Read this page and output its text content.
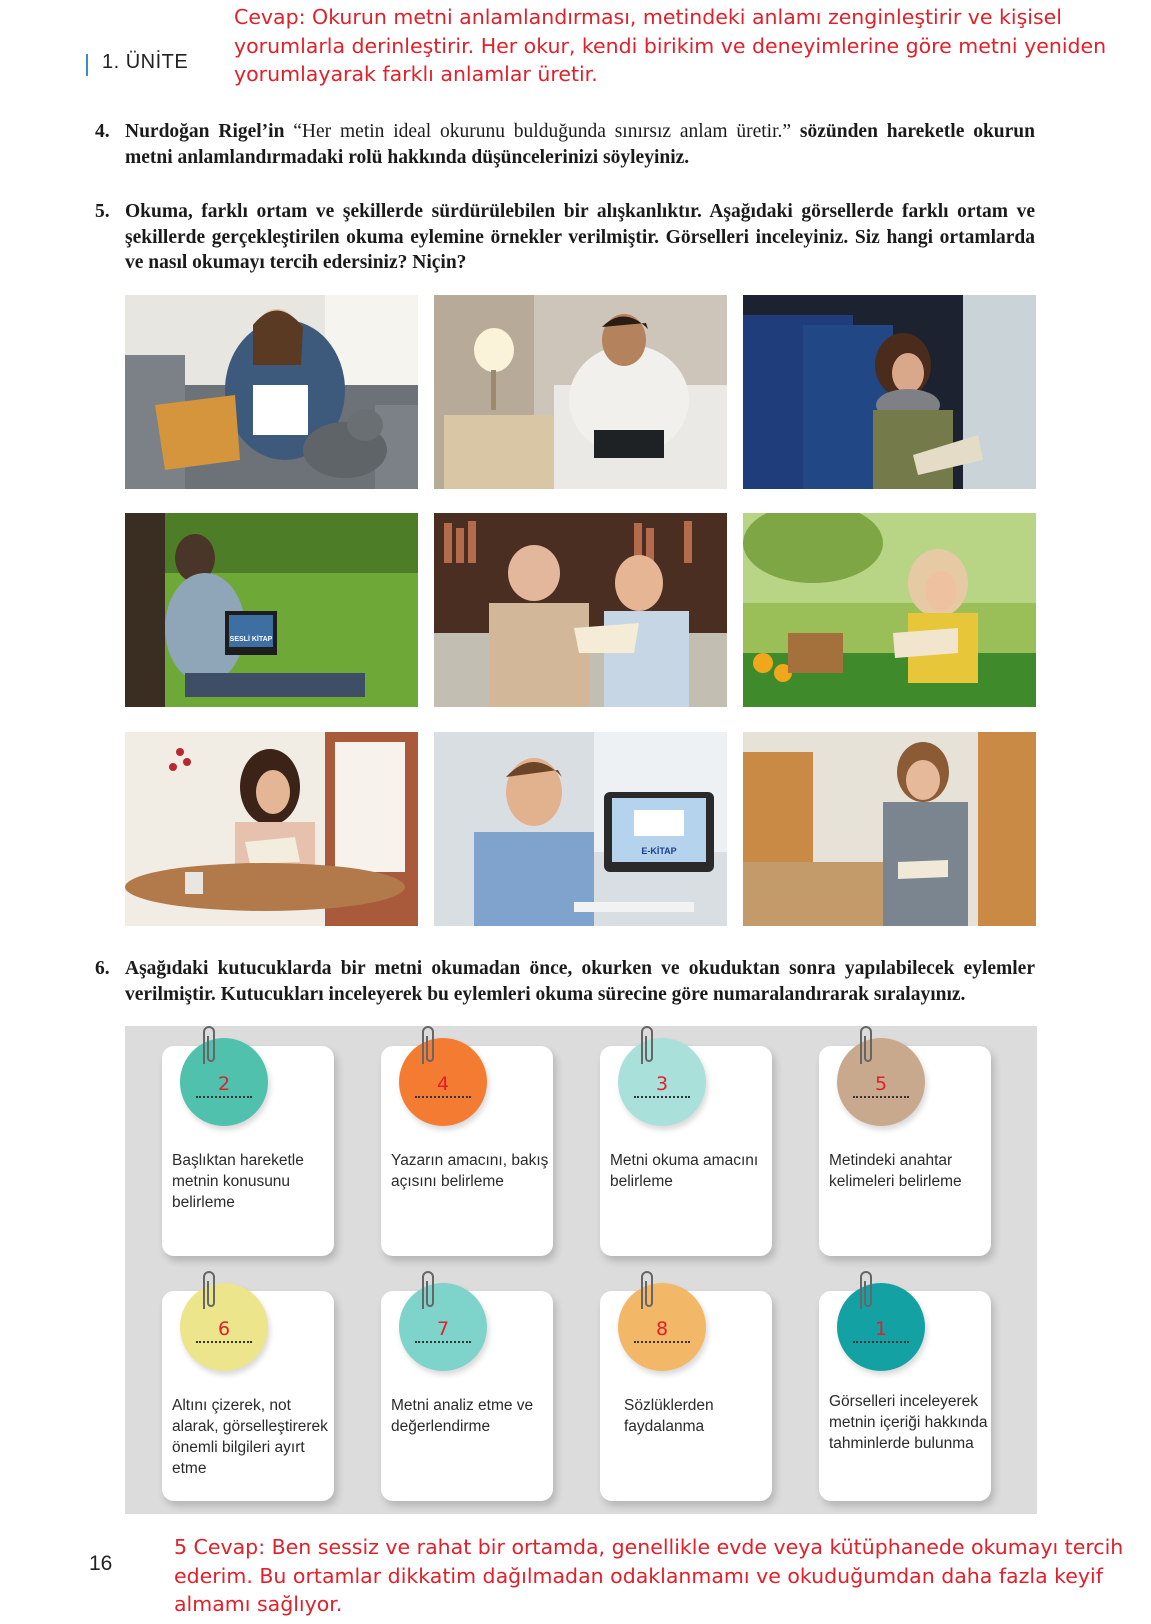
1. ÜNİTE
Cevap: Okurun metni anlamlandırması, metindeki anlamı zenginleştirir ve kişisel yorumlarla derinleştirir. Her okur, kendi birikim ve deneyimlerine göre metni yeniden yorumlayarak farklı anlamlar üretir.
4. Nurdoğan Rigel’in “Her metin ideal okurunu bulduğunda sınırsız anlam üretir.” sözünden hareketle okurun metni anlamlandırmadaki rolü hakkında düşüncelerinizi söyleyiniz.
5. Okuma, farklı ortam ve şekillerde sürdürülebilen bir alışkanlıktır. Aşağıdaki görsellerde farklı ortam ve şekillerde gerçekleştirilen okuma eylemine örnekler verilmiştir. Görselleri inceleyiniz. Siz hangi ortamlarda ve nasıl okumayı tercih edersiniz? Niçin?
SESLİ KİTAP
E-KİTAP
6. Aşağıdaki kutucuklarda bir metni okumadan önce, okurken ve okuduktan sonra yapılabilecek eylemler verilmiştir. Kutucukları inceleyerek bu eylemleri okuma sürecine göre numaralandırarak sıralayınız.
2
Başlıktan hareketle metnin konusunu belirleme
4
Yazarın amacını, bakış açısını belirleme
3
Metni okuma amacını belirleme
5
Metindeki anahtar kelimeleri belirleme
6
Altını çizerek, not alarak, görselleştirerek önemli bilgileri ayırt etme
7
Metni analiz etme ve değerlendirme
8
Sözlüklerden faydalanma
1
Görselleri inceleyerek metnin içeriği hakkında tahminlerde bulunma
16
5 Cevap: Ben sessiz ve rahat bir ortamda, genellikle evde veya kütüphanede okumayı tercih ederim. Bu ortamlar dikkatim dağılmadan odaklanmamı ve okuduğumdan daha fazla keyif almamı sağlıyor.
